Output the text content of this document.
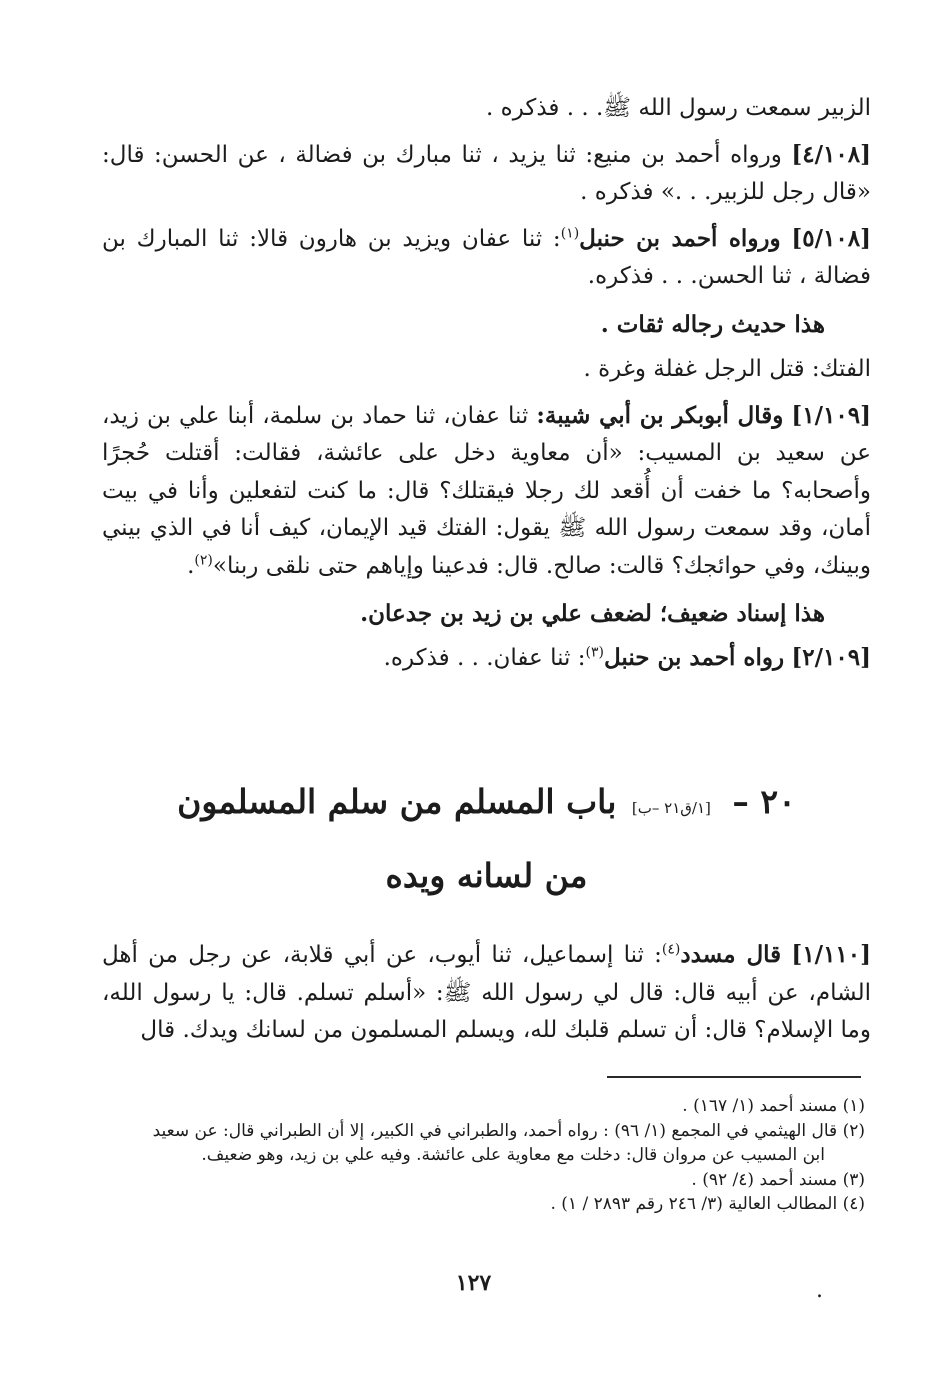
الزبير سمعت رسول الله ﷺ. . . فذكره .

[٤/١٠٨] ورواه أحمد بن منيع: ثنا يزيد ، ثنا مبارك بن فضالة ، عن الحسن: قال: «قال رجل للزبير. . .» فذكره .

[٥/١٠٨] ورواه أحمد بن حنبل$^{(١)}$: ثنا عفان ويزيد بن هارون قالا: ثنا المبارك بن فضالة ، ثنا الحسن. . . فذكره.

هذا حديث رجاله ثقات .

الفتك: قتل الرجل غفلة وغرة .

[١/١٠٩] وقال أبوبكر بن أبي شيبة: ثنا عفان، ثنا حماد بن سلمة، أبنا علي بن زيد، عن سعيد بن المسيب: «أن معاوية دخل على عائشة، فقالت: أقتلت حُجرًا وأصحابه؟ ما خفت أن أُقعد لك رجلا فيقتلك؟ قال: ما كنت لتفعلين وأنا في بيت أمان، وقد سمعت رسول الله ﷺ يقول: الفتك قيد الإيمان، كيف أنا في الذي بيني وبينك، وفي حوائجك؟ قالت: صالح. قال: فدعينا وإياهم حتى نلقى ربنا»$^{(٢)}$.

هذا إسناد ضعيف؛ لضعف علي بن زيد بن جدعان.

[٢/١٠٩] رواه أحمد بن حنبل$^{(٣)}$: ثنا عفان. . . فذكره.

٢٠ – [١/ق٢١ –ب] باب المسلم من سلم المسلمون
من لسانه ويده

[١/١١٠] قال مسدد$^{(٤)}$: ثنا إسماعيل، ثنا أيوب، عن أبي قلابة، عن رجل من أهل الشام، عن أبيه قال: قال لي رسول الله ﷺ: «أسلم تسلم. قال: يا رسول الله، وما الإسلام؟ قال: أن تسلم قلبك لله، ويسلم المسلمون من لسانك ويدك. قال

(١) مسند أحمد (١/ ١٦٧) .

(٢) قال الهيثمي في المجمع (١/ ٩٦) : رواه أحمد، والطبراني في الكبير، إلا أن الطبراني قال: عن سعيد

ابن المسيب عن مروان قال: دخلت مع معاوية على عائشة. وفيه علي بن زيد، وهو ضعيف.

(٣) مسند أحمد (٤/ ٩٢) .

(٤) المطالب العالية (٣/ ٢٤٦ رقم ٢٨٩٣ / ١) .

١٢٧	.
